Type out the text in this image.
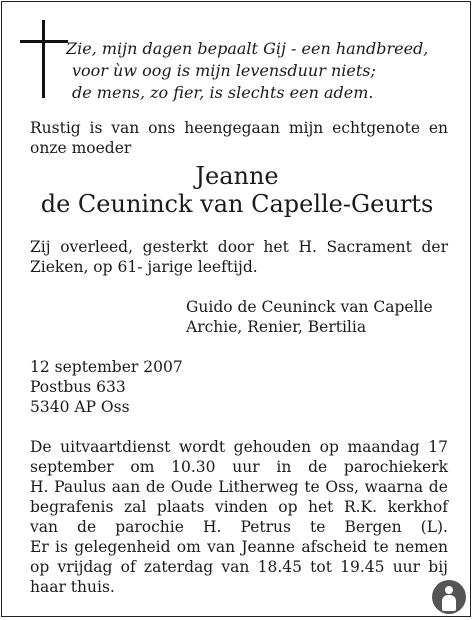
Zie, mijn dagen bepaalt Gij - een handbreed,
voor ùw oog is mijn levensduur niets;
de mens, zo fier, is slechts een adem.
Rustig is van ons heengegaan mijn echtgenote en
onze moeder
Jeanne
de Ceuninck van Capelle-Geurts
Zij overleed, gesterkt door het H. Sacrament der
Zieken, op 61- jarige leeftijd.
Guido de Ceuninck van Capelle
Archie, Renier, Bertilia
12 september 2007
Postbus 633
5340 AP Oss
De uitvaartdienst wordt gehouden op maandag 17
september om 10.30 uur in de parochiekerk
H. Paulus aan de Oude Litherweg te Oss, waarna de
begrafenis zal plaats vinden op het R.K. kerkhof
van de parochie H. Petrus te Bergen (L).
Er is gelegenheid om van Jeanne afscheid te nemen
op vrijdag of zaterdag van 18.45 tot 19.45 uur bij
haar thuis.
